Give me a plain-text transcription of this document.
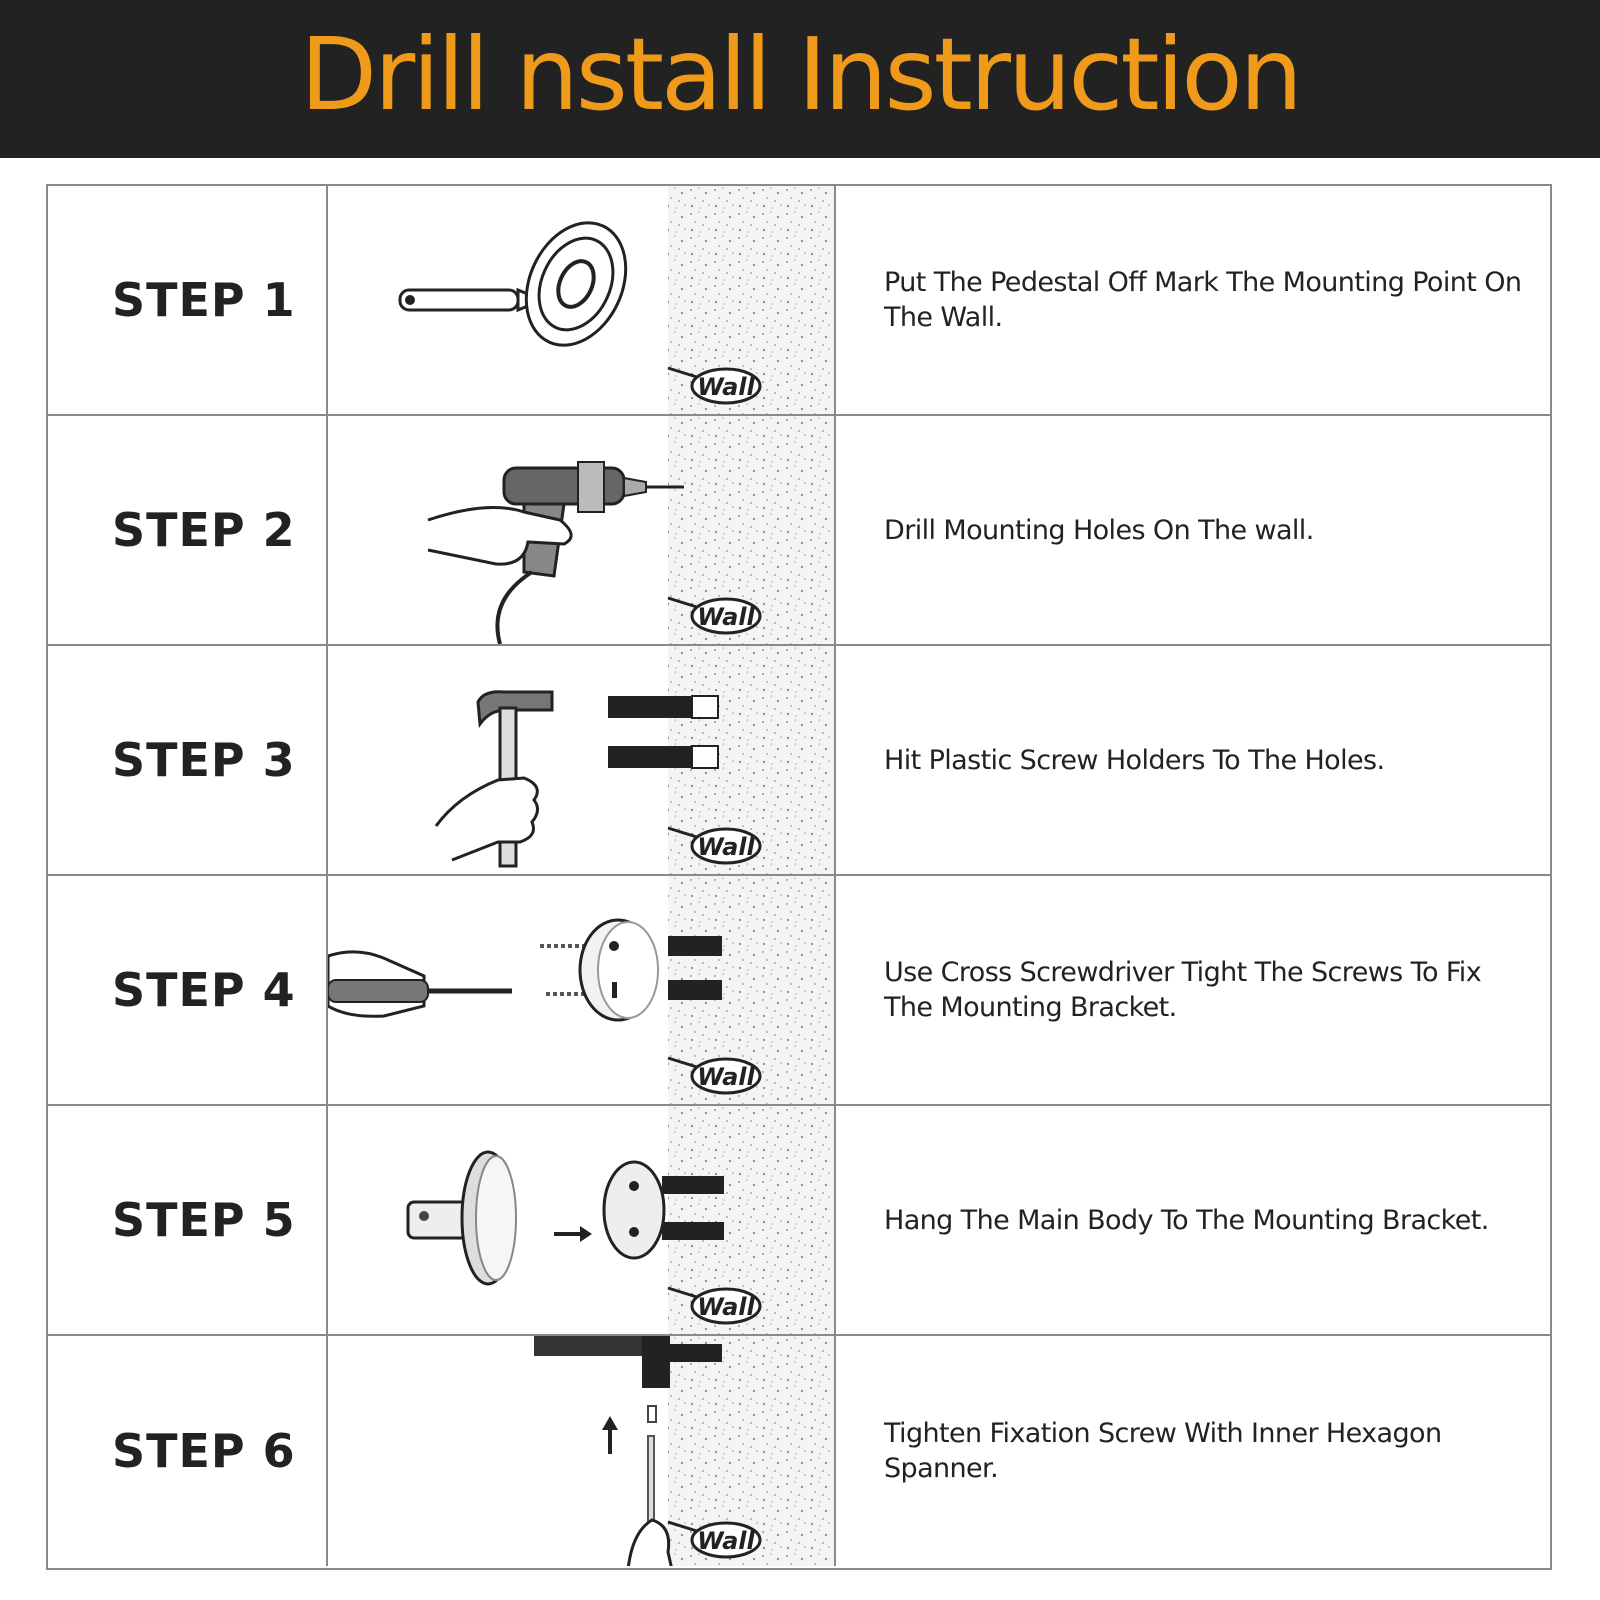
Drill nstall Instruction
STEP 1
Wall

Put The Pedestal Off Mark The Mounting Point On The Wall.

STEP 2
Wall

Drill Mounting Holes On The wall.

STEP 3
Wall

Hit Plastic Screw Holders To The Holes.

STEP 4
Wall

Use Cross Screwdriver Tight The Screws To Fix The Mounting Bracket.

STEP 5
Wall

Hang The Main Body To The Mounting Bracket.

STEP 6
Wall

Tighten Fixation Screw With Inner Hexagon Spanner.
